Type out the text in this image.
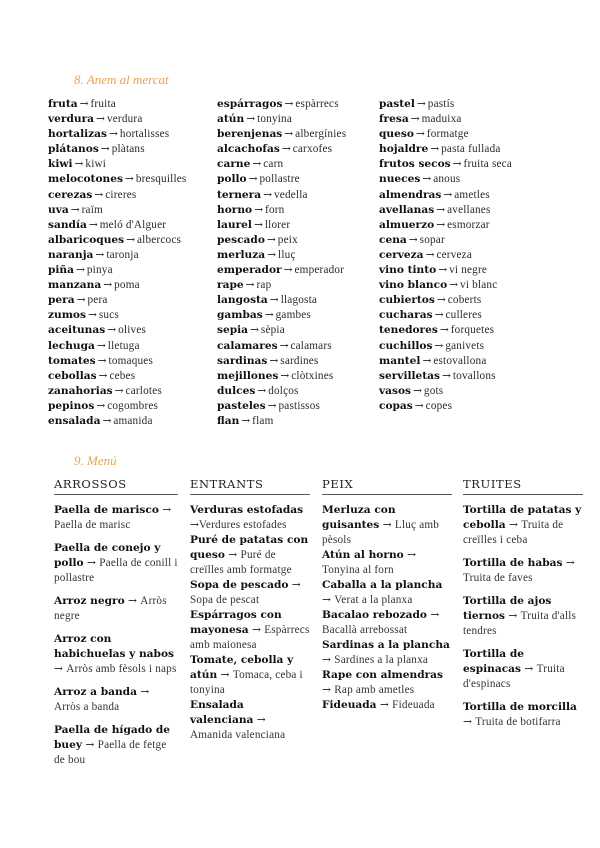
8. Anem al mercat
fruta → fruita
verdura → verdura
hortalizas → hortalisses
plátanos → plàtans
kiwi → kiwi
melocotones → bresquilles
cerezas → cireres
uva → raïm
sandía → meló d'Alguer
albaricoques → albercocs
naranja → taronja
piña → pinya
manzana → poma
pera → pera
zumos → sucs
aceitunas → olives
lechuga → lletuga
tomates → tomaques
cebollas → cebes
zanahorias → carlotes
pepinos → cogombres
ensalada → amanida
espárragos → espàrrecs
atún → tonyina
berenjenas → albergínies
alcachofas → carxofes
carne → carn
pollo → pollastre
ternera → vedella
horno → forn
laurel → llorer
pescado → peix
merluza → lluç
emperador → emperador
rape → rap
langosta → llagosta
gambas → gambes
sepia → sèpia
calamares → calamars
sardinas → sardines
mejillones → clòtxines
dulces → dolços
pasteles → pastissos
flan → flam
pastel → pastís
fresa → maduixa
queso → formatge
hojaldre → pasta fullada
frutos secos → fruita seca
nueces → anous
almendras → ametles
avellanas → avellanes
almuerzo → esmorzar
cena → sopar
cerveza → cerveza
vino tinto → vi negre
vino blanco → vi blanc
cubiertos → coberts
cucharas → culleres
tenedores → forquetes
cuchillos → ganivets
mantel → estovallona
servilletas → tovallons
vasos → gots
copas → copes
9. Menú
ARROSSOS
Paella de marisco → Paella de marisc
Paella de conejo y pollo → Paella de conill i pollastre
Arroz negro → Arròs negre
Arroz con habichuelas y nabos → Arròs amb fèsols i naps
Arroz a banda → Arròs a banda
Paella de hígado de buey → Paella de fetge de bou
ENTRANTS
Verduras estofadas →Verdures estofades
Puré de patatas con queso → Puré de creïlles amb formatge
Sopa de pescado → Sopa de pescat
Espárragos con mayonesa → Espàrrecs amb maionesa
Tomate, cebolla y atún → Tomaca, ceba i tonyina
Ensalada valenciana → Amanida valenciana
PEIX
Merluza con guisantes → Lluç amb pèsols
Atún al horno → Tonyina al forn
Caballa a la plancha → Verat a la planxa
Bacalao rebozado → Bacallà arrebossat
Sardinas a la plancha → Sardines a la planxa
Rape con almendras → Rap amb ametles
Fideuada → Fideuada
TRUITES
Tortilla de patatas y cebolla → Truita de creïlles i ceba
Tortilla de habas → Truita de faves
Tortilla de ajos tiernos → Truita d'alls tendres
Tortilla de espinacas → Truita d'espinacs
Tortilla de morcilla → Truita de botifarra
